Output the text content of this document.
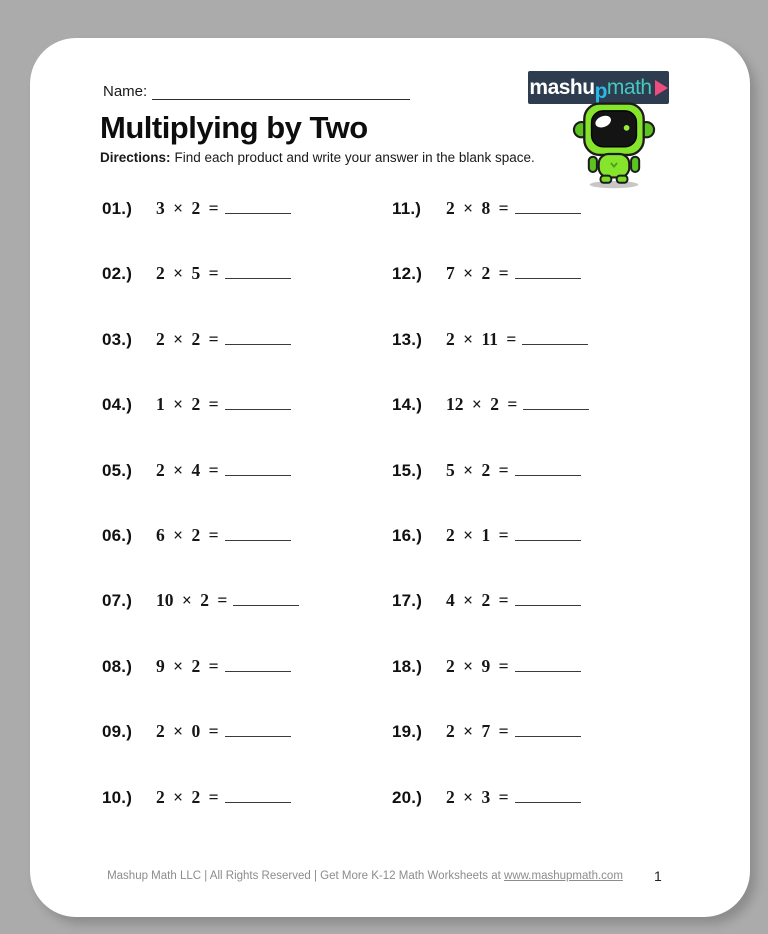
Name:	mashu p math
Multiplying by Two
Directions: Find each product and write your answer in the blank space.
01.)	3 × 2 =
02.)	2 × 5 =
03.)	2 × 2 =
04.)	1 × 2 =
05.)	2 × 4 =
06.)	6 × 2 =
07.)	10 × 2 =
08.)	9 × 2 =
09.)	2 × 0 =
10.)	2 × 2 =
11.)	2 × 8 =
12.)	7 × 2 =
13.)	2 × 11 =
14.)	12 × 2 =
15.)	5 × 2 =
16.)	2 × 1 =
17.)	4 × 2 =
18.)	2 × 9 =
19.)	2 × 7 =
20.)	2 × 3 =
Mashup Math LLC | All Rights Reserved | Get More K-12 Math Worksheets at www.mashupmath.com	1
